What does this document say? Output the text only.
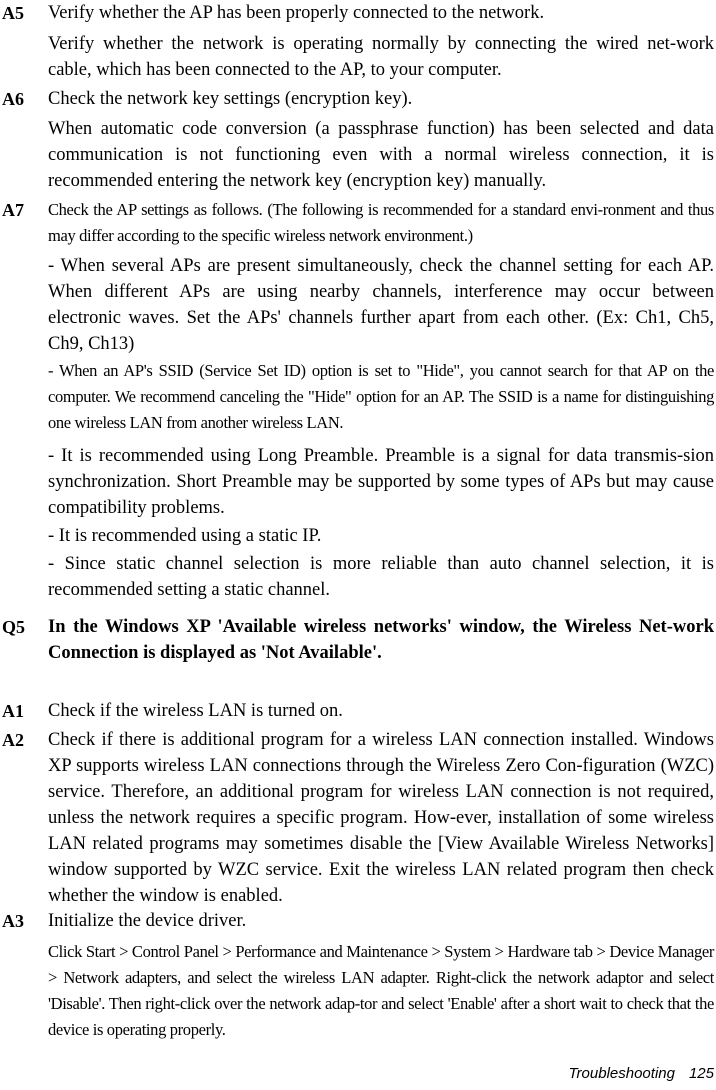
A5 Verify whether the AP has been properly connected to the network.
Verify whether the network is operating normally by connecting the wired net-work cable, which has been connected to the AP, to your computer.
A6 Check the network key settings (encryption key).
When automatic code conversion (a passphrase function) has been selected and data communication is not functioning even with a normal wireless connection, it is recommended entering the network key (encryption key) manually.
A7 Check the AP settings as follows. (The following is recommended for a standard envi-ronment and thus may differ according to the specific wireless network environment.)
- When several APs are present simultaneously, check the channel setting for each AP. When different APs are using nearby channels, interference may occur between electronic waves. Set the APs' channels further apart from each other. (Ex: Ch1, Ch5, Ch9, Ch13)
- When an AP's SSID (Service Set ID) option is set to "Hide", you cannot search for that AP on the computer. We recommend canceling the "Hide" option for an AP. The SSID is a name for distinguishing one wireless LAN from another wireless LAN.
- It is recommended using Long Preamble. Preamble is a signal for data transmis-sion synchronization. Short Preamble may be supported by some types of APs but may cause compatibility problems.
- It is recommended using a static IP.
- Since static channel selection is more reliable than auto channel selection, it is recommended setting a static channel.
Q5 In the Windows XP 'Available wireless networks' window, the Wireless Net-work Connection is displayed as 'Not Available'.
A1 Check if the wireless LAN is turned on.
A2 Check if there is additional program for a wireless LAN connection installed. Windows XP supports wireless LAN connections through the Wireless Zero Con-figuration (WZC) service. Therefore, an additional program for wireless LAN connection is not required, unless the network requires a specific program. How-ever, installation of some wireless LAN related programs may sometimes disable the [View Available Wireless Networks] window supported by WZC service. Exit the wireless LAN related program then check whether the window is enabled.
A3 Initialize the device driver.
Click Start > Control Panel > Performance and Maintenance > System > Hardware tab > Device Manager > Network adapters, and select the wireless LAN adapter. Right-click the network adaptor and select 'Disable'. Then right-click over the network adap-tor and select 'Enable' after a short wait to check that the device is operating properly.
Troubleshooting 125
